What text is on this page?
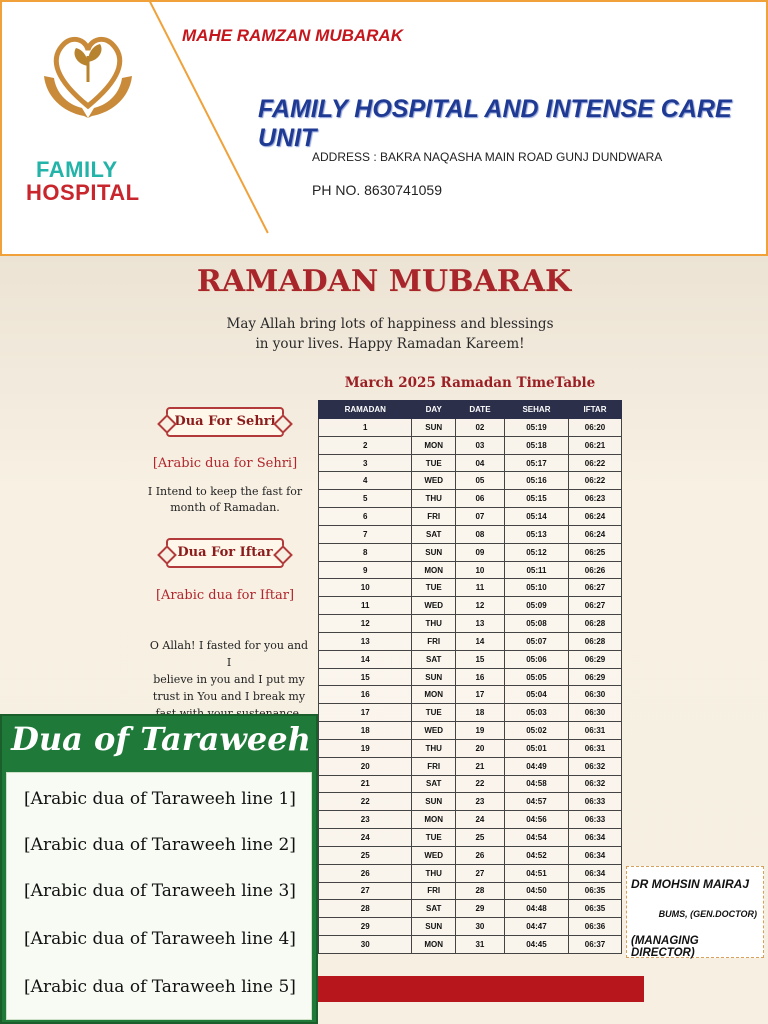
FAMILY
HOSPITAL
MAHE RAMZAN MUBARAK
FAMILY HOSPITAL AND INTENSE CARE UNIT
ADDRESS : BAKRA NAQASHA MAIN ROAD GUNJ DUNDWARA
PH NO. 8630741059
RAMADAN MUBARAK
May Allah bring lots of happiness and blessings
in your lives. Happy Ramadan Kareem!
March 2025 Ramadan TimeTable
Dua For Sehri
[Arabic dua for Sehri]
I Intend to keep the fast for
month of Ramadan.
Dua For Iftar
[Arabic dua for Iftar]
O Allah! I fasted for you and I
believe in you and I put my
trust in You and I break my
RAMADAN	DAY	DATE	SEHAR	IFTAR
1	SUN	02	05:19	06:20
2	MON	03	05:18	06:21
3	TUE	04	05:17	06:22
4	WED	05	05:16	06:22
5	THU	06	05:15	06:23
6	FRI	07	05:14	06:24
7	SAT	08	05:13	06:24
8	SUN	09	05:12	06:25
9	MON	10	05:11	06:26
10	TUE	11	05:10	06:27
11	WED	12	05:09	06:27
12	THU	13	05:08	06:28
13	FRI	14	05:07	06:28
14	SAT	15	05:06	06:29
15	SUN	16	05:05	06:29
16	MON	17	05:04	06:30
17	TUE	18	05:03	06:30
18	WED	19	05:02	06:31
19	THU	20	05:01	06:31
20	FRI	21	04:49	06:32
21	SAT	22	04:58	06:32
22	SUN	23	04:57	06:33
23	MON	24	04:56	06:33
24	TUE	25	04:54	06:34
25	WED	26	04:52	06:34
26	THU	27	04:51	06:34
27	FRI	28	04:50	06:35
28	SAT	29	04:48	06:35
29	SUN	30	04:47	06:36
30	MON	31	04:45	06:37
Dua of Taraweeh
[Arabic dua of Taraweeh line 1]
[Arabic dua of Taraweeh line 2]
[Arabic dua of Taraweeh line 3]
[Arabic dua of Taraweeh line 4]
[Arabic dua of Taraweeh line 5]
DR MOHSIN MAIRAJ
BUMS, (GEN.DOCTOR)
(MANAGING DIRECTOR)
